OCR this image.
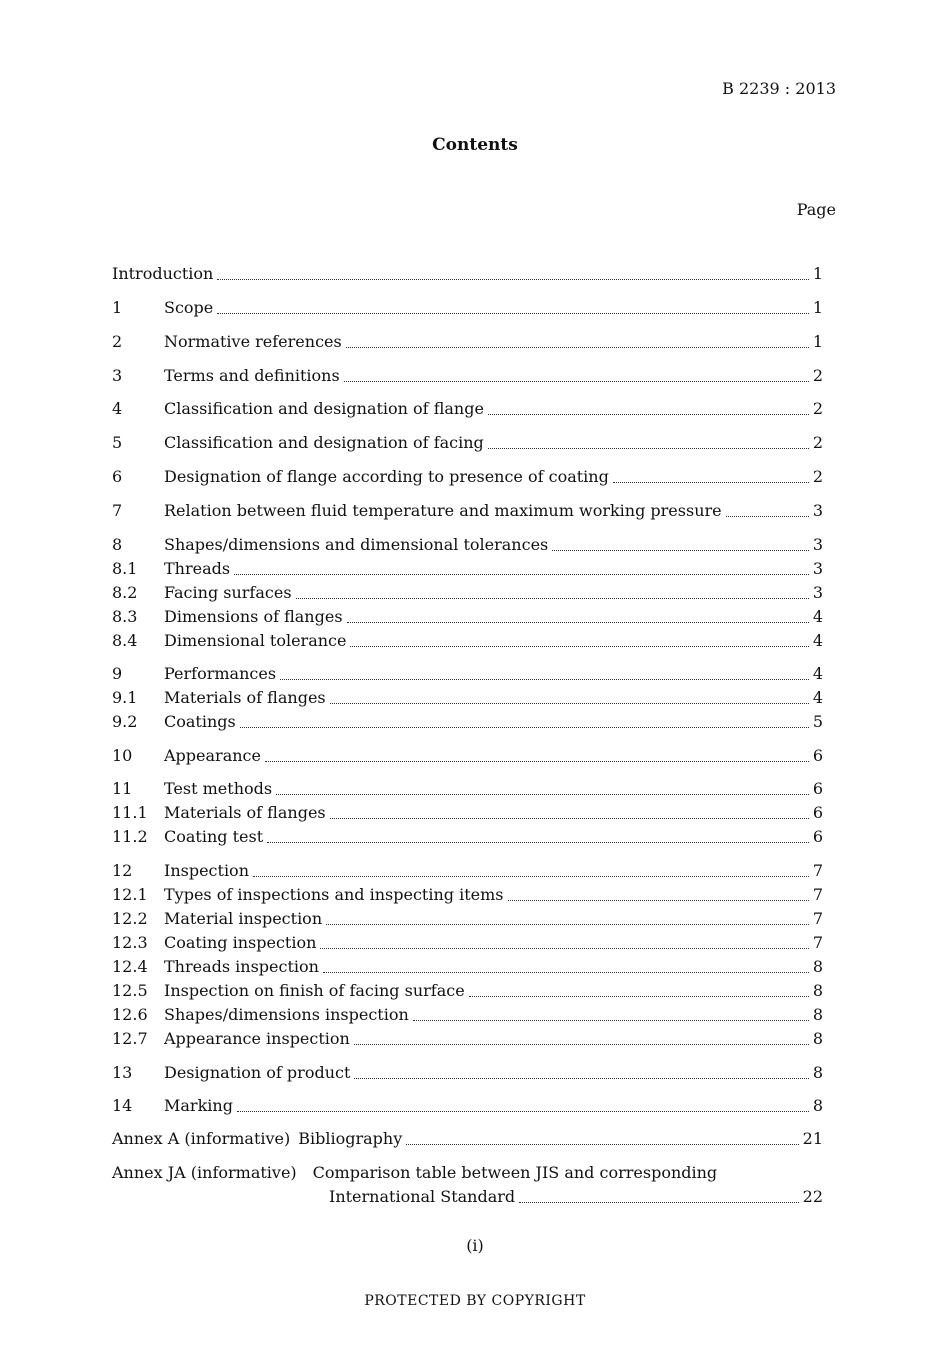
B 2239 : 2013
Contents
Page
Introduction	1
1	Scope	1
2	Normative references	1
3	Terms and definitions	2
4	Classification and designation of flange	2
5	Classification and designation of facing	2
6	Designation of flange according to presence of coating	2
7	Relation between fluid temperature and maximum working pressure	3
8	Shapes/dimensions and dimensional tolerances	3
8.1	Threads	3
8.2	Facing surfaces	3
8.3	Dimensions of flanges	4
8.4	Dimensional tolerance	4
9	Performances	4
9.1	Materials of flanges	4
9.2	Coatings	5
10	Appearance	6
11	Test methods	6
11.1	Materials of flanges	6
11.2	Coating test	6
12	Inspection	7
12.1	Types of inspections and inspecting items	7
12.2	Material inspection	7
12.3	Coating inspection	7
12.4	Threads inspection	8
12.5	Inspection on finish of facing surface	8
12.6	Shapes/dimensions inspection	8
12.7	Appearance inspection	8
13	Designation of product	8
14	Marking	8
Annex A (informative) Bibliography	21
Annex JA (informative)	Comparison table between JIS and corresponding
International Standard	22
(i)
PROTECTED BY COPYRIGHT
